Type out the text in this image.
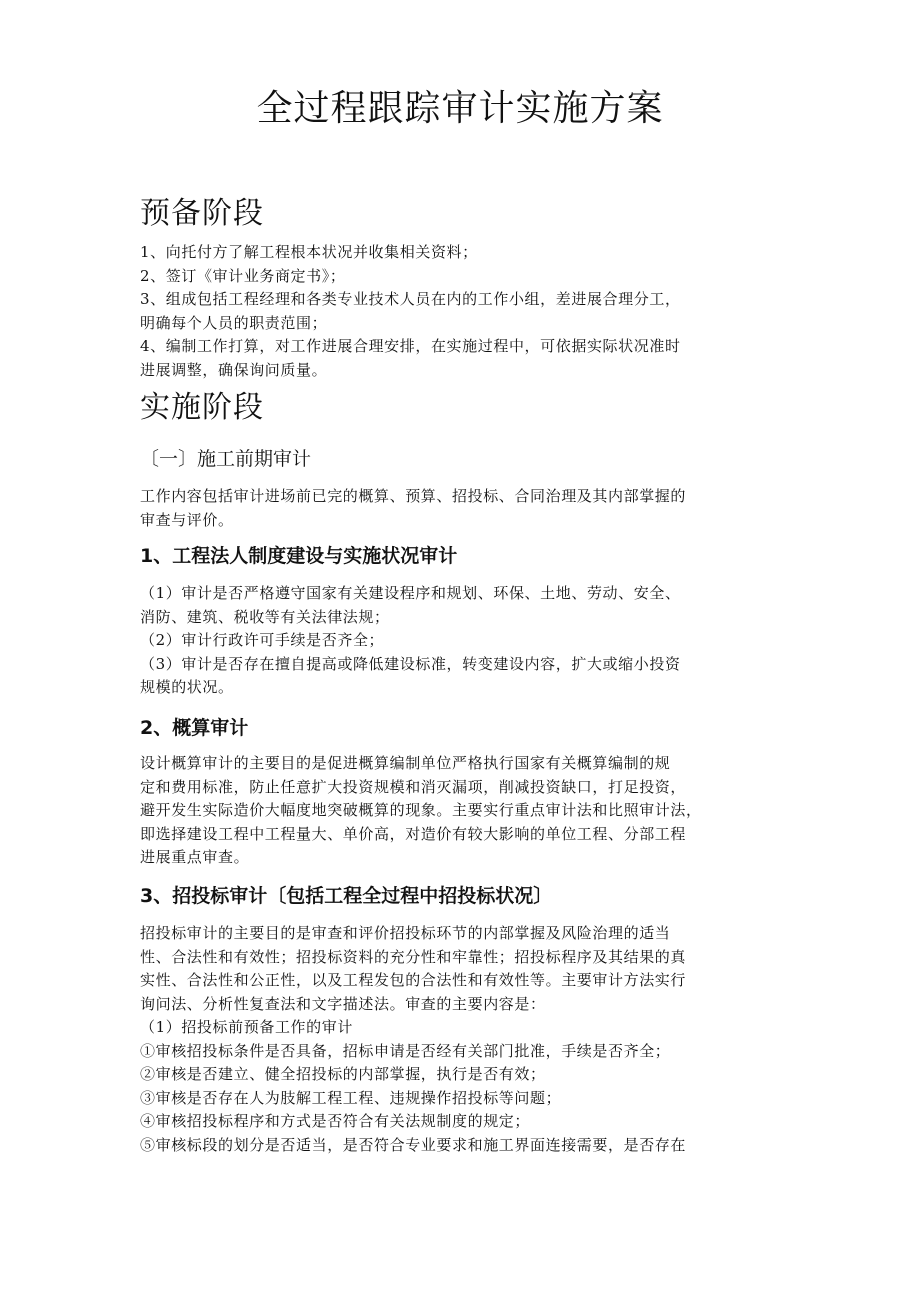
全过程跟踪审计实施方案
预备阶段
1、向托付方了解工程根本状况并收集相关资料；
2、签订《审计业务商定书》；
3、组成包括工程经理和各类专业技术人员在内的工作小组，差进展合理分工，
明确每个人员的职责范围；
4、编制工作打算，对工作进展合理安排，在实施过程中，可依据实际状况准时
进展调整，确保询问质量。
实施阶段
〔一〕施工前期审计
工作内容包括审计进场前已完的概算、预算、招投标、合同治理及其内部掌握的
审查与评价。
1、工程法人制度建设与实施状况审计
（1）审计是否严格遵守国家有关建设程序和规划、环保、土地、劳动、安全、
消防、建筑、税收等有关法律法规；
（2）审计行政许可手续是否齐全；
（3）审计是否存在擅自提高或降低建设标准，转变建设内容，扩大或缩小投资
规模的状况。
2、概算审计
设计概算审计的主要目的是促进概算编制单位严格执行国家有关概算编制的规
定和费用标准，防止任意扩大投资规模和消灭漏项，削减投资缺口，打足投资，
避开发生实际造价大幅度地突破概算的现象。主要实行重点审计法和比照审计法，
即选择建设工程中工程量大、单价高，对造价有较大影响的单位工程、分部工程
进展重点审查。
3、招投标审计〔包括工程全过程中招投标状况〕
招投标审计的主要目的是审查和评价招投标环节的内部掌握及风险治理的适当
性、合法性和有效性；招投标资料的充分性和牢靠性；招投标程序及其结果的真
实性、合法性和公正性，以及工程发包的合法性和有效性等。主要审计方法实行
询问法、分析性复查法和文字描述法。审查的主要内容是：
（1）招投标前预备工作的审计
①审核招投标条件是否具备，招标申请是否经有关部门批准，手续是否齐全；
②审核是否建立、健全招投标的内部掌握，执行是否有效；
③审核是否存在人为肢解工程工程、违规操作招投标等问题；
④审核招投标程序和方式是否符合有关法规制度的规定；
⑤审核标段的划分是否适当，是否符合专业要求和施工界面连接需要，是否存在
